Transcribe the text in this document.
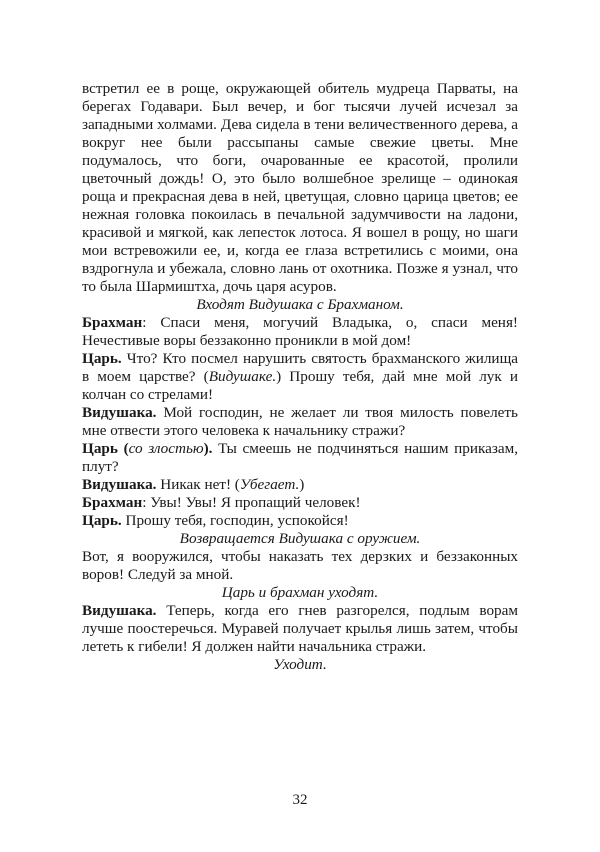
встретил ее в роще, окружающей обитель мудреца Парваты, на берегах Годавари. Был вечер, и бог тысячи лучей исчезал за западными холмами. Дева сидела в тени величественного дерева, а вокруг нее были рассыпаны самые свежие цветы. Мне подумалось, что боги, очарованные ее красотой, пролили цветочный дождь! О, это было волшебное зрелище – одинокая роща и прекрасная дева в ней, цветущая, словно царица цветов; ее нежная головка покоилась в печальной задумчивости на ладони, красивой и мягкой, как лепесток лотоса. Я вошел в рощу, но шаги мои встревожили ее, и, когда ее глаза встретились с моими, она вздрогнула и убежала, словно лань от охотника. Позже я узнал, что то была Шармиштха, дочь царя асуров.

Входят Видушака с Брахманом.

Брахман: Спаси меня, могучий Владыка, о, спаси меня! Нечестивые воры беззаконно проникли в мой дом!

Царь. Что? Кто посмел нарушить святость брахманского жилища в моем царстве? (Видушаке.) Прошу тебя, дай мне мой лук и колчан со стрелами!

Видушака. Мой господин, не желает ли твоя милость повелеть мне отвести этого человека к начальнику стражи?

Царь (со злостью). Ты смеешь не подчиняться нашим приказам, плут?

Видушака. Никак нет! (Убегает.)

Брахман: Увы! Увы! Я пропащий человек!

Царь. Прошу тебя, господин, успокойся!

Возвращается Видушака с оружием.

Вот, я вооружился, чтобы наказать тех дерзких и беззаконных воров! Следуй за мной.

Царь и брахман уходят.

Видушака. Теперь, когда его гнев разгорелся, подлым ворам лучше поостеречься. Муравей получает крылья лишь затем, чтобы лететь к гибели! Я должен найти начальника стражи.

Уходит.

32
